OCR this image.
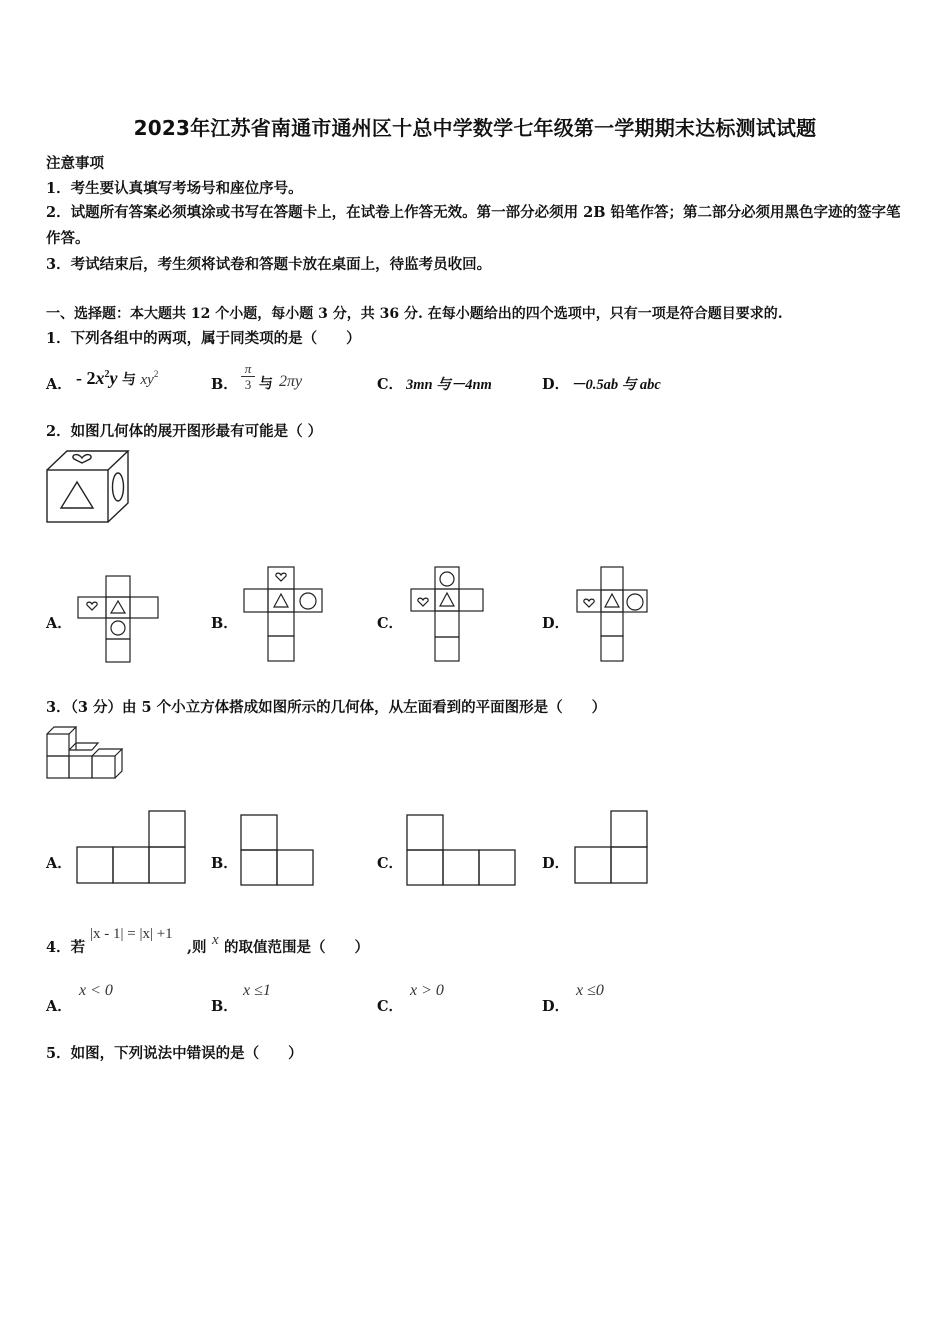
2023年江苏省南通市通州区十总中学数学七年级第一学期期末达标测试试题
注意事项
1．考生要认真填写考场号和座位序号。
2．试题所有答案必须填涂或书写在答题卡上，在试卷上作答无效。第一部分必须用 2B 铅笔作答；第二部分必须用黑色字迹的签字笔作答。
3．考试结束后，考生须将试卷和答题卡放在桌面上，待监考员收回。
一、选择题：本大题共 12 个小题，每小题 3 分，共 36 分. 在每小题给出的四个选项中，只有一项是符合题目要求的.
1．下列各组中的两项，属于同类项的是（　　）
A． - $2x^2y$ 与 $xy^2$
B．
π
3 与 2πy	C． 3mn 与－4nm	D． －0.5ab 与 abc
2．如图几何体的展开图形最有可能是（ ）
A．	B．	C．	D．
3．（3 分）由 5 个小立方体搭成如图所示的几何体，从左面看到的平面图形是（　　）
A．	B．	C．	D．
4．若
|x - 1| = |x| +1
,则 x 的取值范围是（　　）
A．
x < 0
B．
x ≤1
C．
x > 0
D．
x ≤0
5．如图，下列说法中错误的是（　　）
